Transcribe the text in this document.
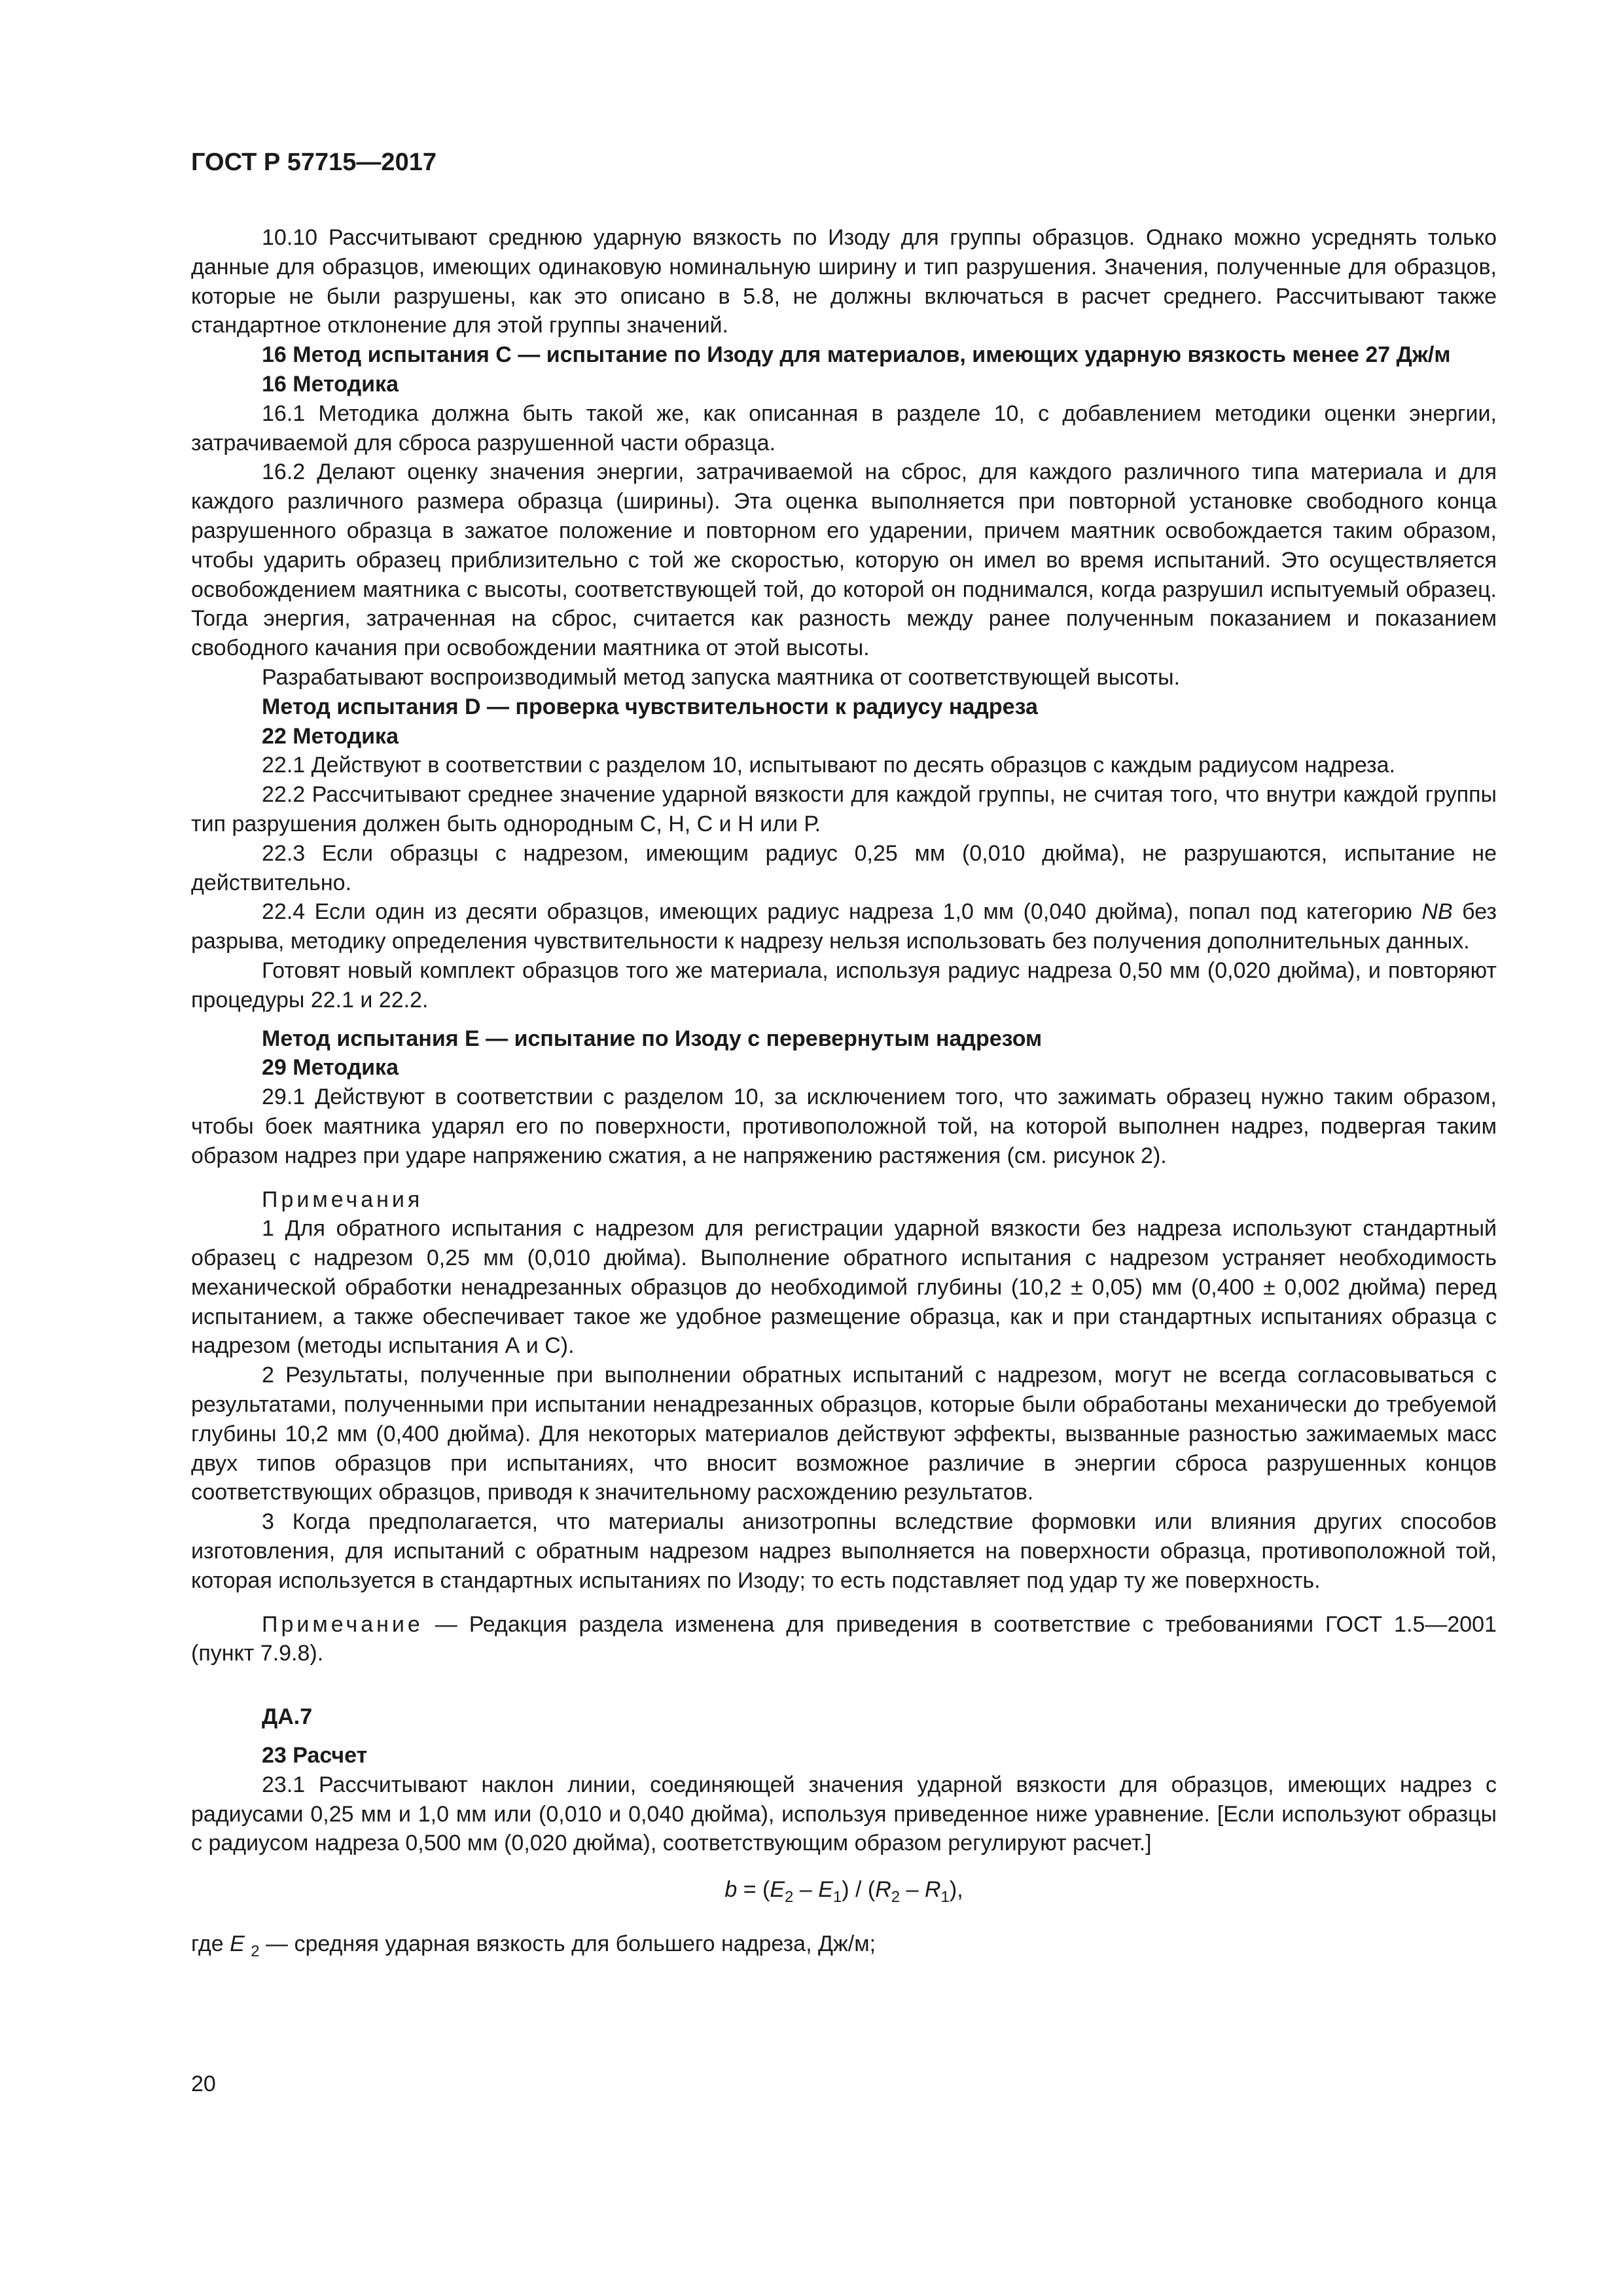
ГОСТ Р 57715—2017

10.10 Рассчитывают среднюю ударную вязкость по Изоду для группы образцов. Однако можно усреднять только данные для образцов, имеющих одинаковую номинальную ширину и тип разрушения. Значения, полученные для образцов, которые не были разрушены, как это описано в 5.8, не должны включаться в расчет среднего. Рассчитывают также стандартное отклонение для этой группы значений.

16 Метод испытания С — испытание по Изоду для материалов, имеющих ударную вязкость менее 27 Дж/м

16 Методика

16.1 Методика должна быть такой же, как описанная в разделе 10, с добавлением методики оценки энергии, затрачиваемой для сброса разрушенной части образца.

16.2 Делают оценку значения энергии, затрачиваемой на сброс, для каждого различного типа материала и для каждого различного размера образца (ширины). Эта оценка выполняется при повторной установке свободного конца разрушенного образца в зажатое положение и повторном его ударении, причем маятник освобождается таким образом, чтобы ударить образец приблизительно с той же скоростью, которую он имел во время испытаний. Это осуществляется освобождением маятника с высоты, соответствующей той, до которой он поднимался, когда разрушил испытуемый образец. Тогда энергия, затраченная на сброс, считается как разность между ранее полученным показанием и показанием свободного качания при освобождении маятника от этой высоты.

Разрабатывают воспроизводимый метод запуска маятника от соответствующей высоты.

Метод испытания D — проверка чувствительности к радиусу надреза

22 Методика

22.1 Действуют в соответствии с разделом 10, испытывают по десять образцов с каждым радиусом надреза.

22.2 Рассчитывают среднее значение ударной вязкости для каждой группы, не считая того, что внутри каждой группы тип разрушения должен быть однородным С, Н, С и Н или Р.

22.3 Если образцы с надрезом, имеющим радиус 0,25 мм (0,010 дюйма), не разрушаются, испытание не действительно.

22.4 Если один из десяти образцов, имеющих радиус надреза 1,0 мм (0,040 дюйма), попал под категорию NB без разрыва, методику определения чувствительности к надрезу нельзя использовать без получения дополнительных данных.

Готовят новый комплект образцов того же материала, используя радиус надреза 0,50 мм (0,020 дюйма), и повторяют процедуры 22.1 и 22.2.

Метод испытания Е — испытание по Изоду с перевернутым надрезом

29 Методика

29.1 Действуют в соответствии с разделом 10, за исключением того, что зажимать образец нужно таким образом, чтобы боек маятника ударял его по поверхности, противоположной той, на которой выполнен надрез, подвергая таким образом надрез при ударе напряжению сжатия, а не напряжению растяжения (см. рисунок 2).

Примечания

1 Для обратного испытания с надрезом для регистрации ударной вязкости без надреза используют стандартный образец с надрезом 0,25 мм (0,010 дюйма). Выполнение обратного испытания с надрезом устраняет необходимость механической обработки ненадрезанных образцов до необходимой глубины (10,2 ± 0,05) мм (0,400 ± 0,002 дюйма) перед испытанием, а также обеспечивает такое же удобное размещение образца, как и при стандартных испытаниях образца с надрезом (методы испытания А и С).

2 Результаты, полученные при выполнении обратных испытаний с надрезом, могут не всегда согласовываться с результатами, полученными при испытании ненадрезанных образцов, которые были обработаны механически до требуемой глубины 10,2 мм (0,400 дюйма). Для некоторых материалов действуют эффекты, вызванные разностью зажимаемых масс двух типов образцов при испытаниях, что вносит возможное различие в энергии сброса разрушенных концов соответствующих образцов, приводя к значительному расхождению результатов.

3 Когда предполагается, что материалы анизотропны вследствие формовки или влияния других способов изготовления, для испытаний с обратным надрезом надрез выполняется на поверхности образца, противоположной той, которая используется в стандартных испытаниях по Изоду; то есть подставляет под удар ту же поверхность.

Примечание — Редакция раздела изменена для приведения в соответствие с требованиями ГОСТ 1.5—2001 (пункт 7.9.8).

ДА.7

23 Расчет

23.1 Рассчитывают наклон линии, соединяющей значения ударной вязкости для образцов, имеющих надрез с радиусами 0,25 мм и 1,0 мм или (0,010 и 0,040 дюйма), используя приведенное ниже уравнение. [Если используют образцы с радиусом надреза 0,500 мм (0,020 дюйма), соответствующим образом регулируют расчет.]

$b = (E_2 - E_1) / (R_2 - R_1)$,

где E $_2$ — средняя ударная вязкость для большего надреза, Дж/м;

20
